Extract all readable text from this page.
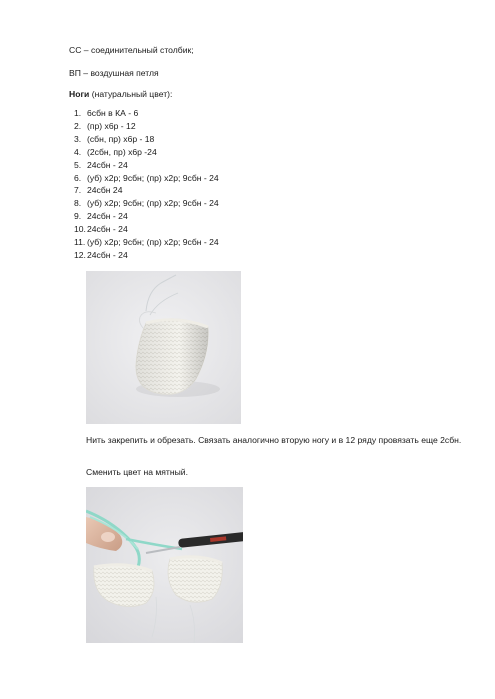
СС – соединительный столбик;
ВП – воздушная петля
Ноги (натуральный цвет):
1. 6сбн в КА - 6
2. (пр) х6р - 12
3. (сбн, пр) х6р - 18
4. (2сбн, пр) х6р -24
5. 24сбн - 24
6. (уб) х2р; 9сбн; (пр) х2р; 9сбн - 24
7. 24сбн 24
8. (уб) х2р; 9сбн; (пр) х2р; 9сбн - 24
9. 24сбн - 24
10.24сбн - 24
11. (уб) х2р; 9сбн; (пр) х2р; 9сбн - 24
12.24сбн - 24
Нить закрепить и обрезать. Связать аналогично вторую ногу и в 12 ряду провязать еще 2сбн.
Сменить цвет на мятный.
